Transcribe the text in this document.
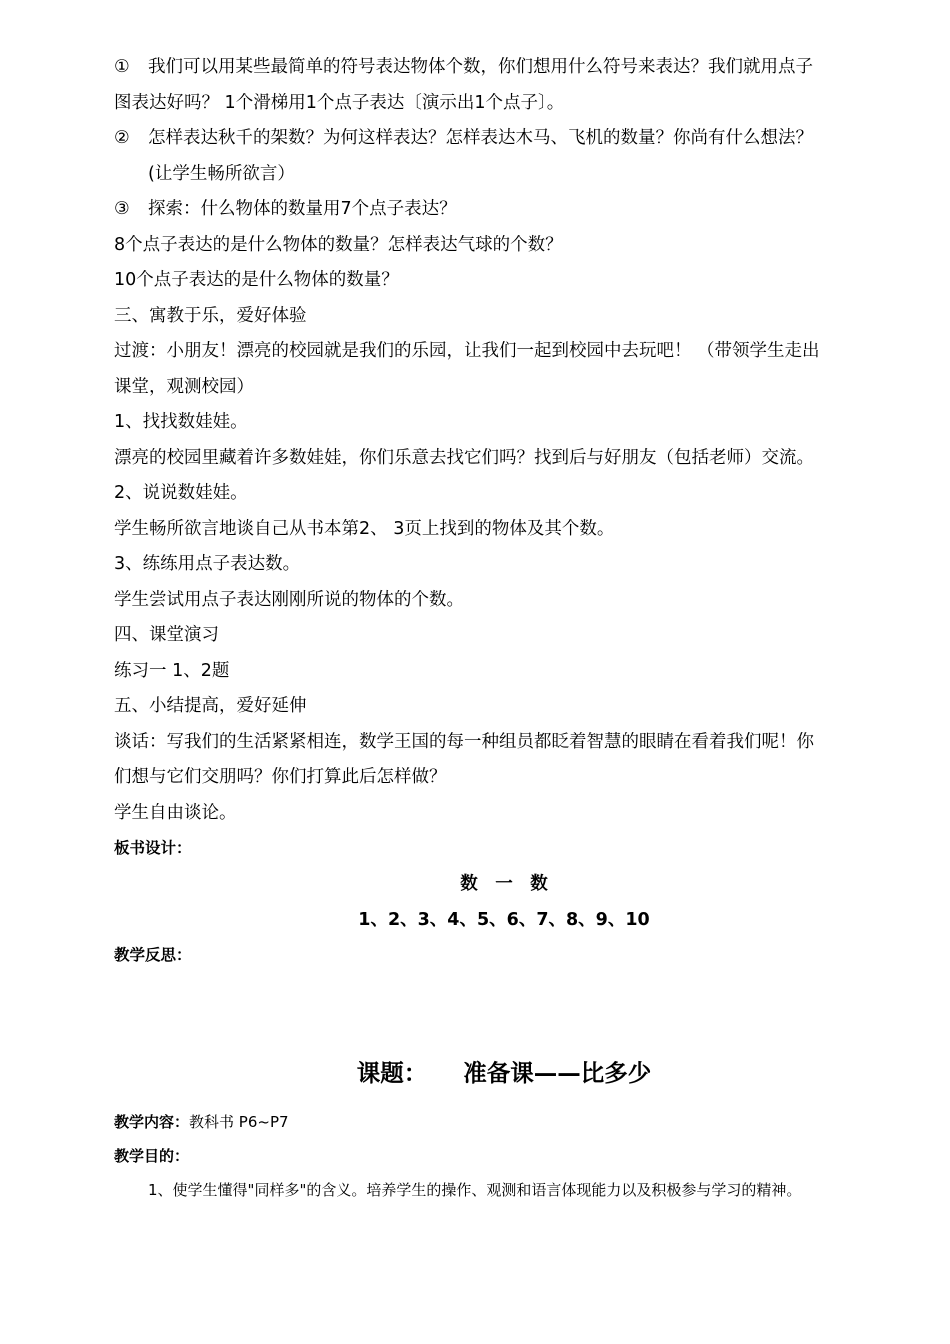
① 我们可以用某些最简单的符号表达物体个数，你们想用什么符号来表达？我们就用点子

图表达好吗？ 1个滑梯用1个点子表达〔演示出1个点子〕。

② 怎样表达秋千的架数？为何这样表达？怎样表达木马、飞机的数量？你尚有什么想法？

(让学生畅所欲言）

③ 探索：什么物体的数量用7个点子表达？

8个点子表达的是什么物体的数量？怎样表达气球的个数？

10个点子表达的是什么物体的数量？

三、寓教于乐，爱好体验

过渡：小朋友！漂亮的校园就是我们的乐园，让我们一起到校园中去玩吧！ （带领学生走出

课堂，观测校园）

1、找找数娃娃。

漂亮的校园里藏着许多数娃娃，你们乐意去找它们吗？找到后与好朋友（包括老师）交流。

2、说说数娃娃。

学生畅所欲言地谈自己从书本第2、 3页上找到的物体及其个数。

3、练练用点子表达数。

学生尝试用点子表达刚刚所说的物体的个数。

四、课堂演习

练习一 1、2题

五、小结提高，爱好延伸

谈话：写我们的生活紧紧相连，数学王国的每一种组员都眨着智慧的眼睛在看着我们呢！你

们想与它们交朋吗？你们打算此后怎样做？

学生自由谈论。

板书设计：

数　一　数

1、2、3、4、5、6、7、8、9、10

教学反思：

课题： 准备课——比多少

教学内容：教科书 P6~P7

教学目的：

1、使学生懂得"同样多"的含义。培养学生的操作、观测和语言体现能力以及积极参与学习的精神。
